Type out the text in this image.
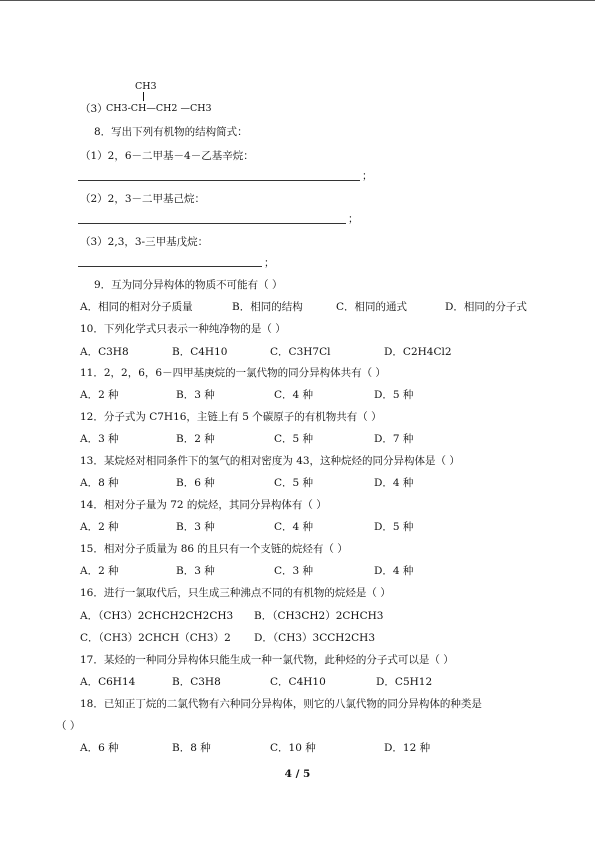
CH3
（3）
CH3-CH—CH2 —CH3
8．写出下列有机物的结构简式：
（1）2，6－二甲基－4－乙基辛烷：
；
（2）2，3－二甲基己烷：
；
（3）2,3，3-三甲基戊烷：
；
9．互为同分异构体的物质不可能有（ ）
A．相同的相对分子质量	B．相同的结构	C．相同的通式	D．相同的分子式
10．下列化学式只表示一种纯净物的是（ ）
A．C3H8	B．C4H10	C．C3H7Cl	D．C2H4Cl2
11．2，2，6，6－四甲基庚烷的一氯代物的同分异构体共有（ ）
A．2 种	B．3 种	C．4 种	D．5 种
12．分子式为 C7H16，主链上有 5 个碳原子的有机物共有（ ）
A．3 种	B．2 种	C．5 种	D．7 种
13．某烷烃对相同条件下的氢气的相对密度为 43，这种烷烃的同分异构体是（ ）
A．8 种	B．6 种	C．5 种	D．4 种
14．相对分子量为 72 的烷烃，其同分异构体有（ ）
A．2 种	B．3 种	C．4 种	D．5 种
15．相对分子质量为 86 的且只有一个支链的烷烃有（ ）
A．2 种	B．3 种	C．3 种	D．4 种
16．进行一氯取代后，只生成三种沸点不同的有机物的烷烃是（ ）
A．（CH3）2CHCH2CH2CH3 B．（CH3CH2）2CHCH3
C．（CH3）2CHCH（CH3）2 D．（CH3）3CCH2CH3
17．某烃的一种同分异构体只能生成一种一氯代物，此种烃的分子式可以是（ ）
A．C6H14	B．C3H8	C．C4H10	D．C5H12
18．已知正丁烷的二氯代物有六种同分异构体，则它的八氯代物的同分异构体的种类是
（ ）
A．6 种	B．8 种	C．10 种	D．12 种
4 / 5
